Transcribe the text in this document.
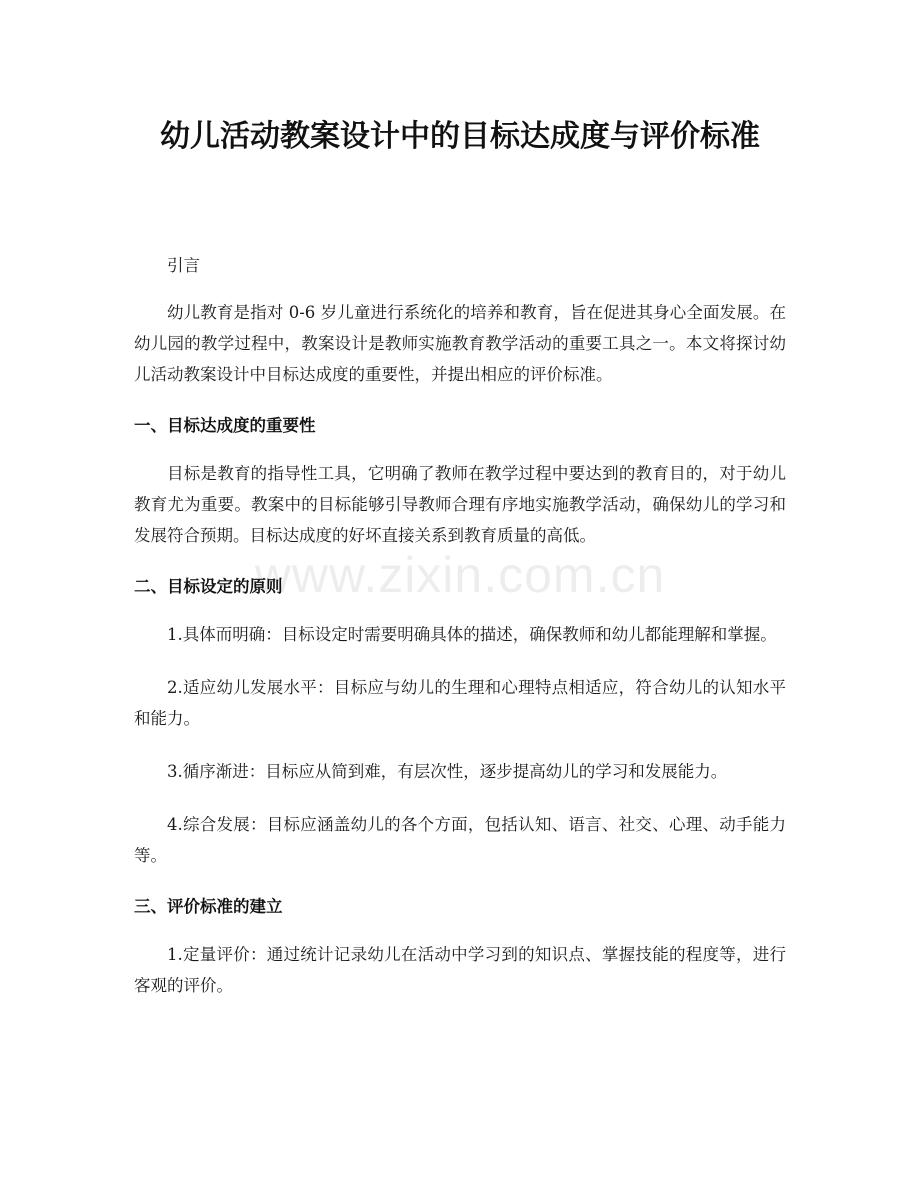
www.zixin.com.cn
幼儿活动教案设计中的目标达成度与评价标准

引言

幼儿教育是指对 0-6 岁儿童进行系统化的培养和教育，旨在促进其身心全面发展。在幼儿园的教学过程中，教案设计是教师实施教育教学活动的重要工具之一。本文将探讨幼儿活动教案设计中目标达成度的重要性，并提出相应的评价标准。

一、目标达成度的重要性

目标是教育的指导性工具，它明确了教师在教学过程中要达到的教育目的，对于幼儿教育尤为重要。教案中的目标能够引导教师合理有序地实施教学活动，确保幼儿的学习和发展符合预期。目标达成度的好坏直接关系到教育质量的高低。

二、目标设定的原则

1.具体而明确：目标设定时需要明确具体的描述，确保教师和幼儿都能理解和掌握。

2.适应幼儿发展水平：目标应与幼儿的生理和心理特点相适应，符合幼儿的认知水平和能力。

3.循序渐进：目标应从简到难，有层次性，逐步提高幼儿的学习和发展能力。

4.综合发展：目标应涵盖幼儿的各个方面，包括认知、语言、社交、心理、动手能力等。

三、评价标准的建立

1.定量评价：通过统计记录幼儿在活动中学习到的知识点、掌握技能的程度等，进行客观的评价。
